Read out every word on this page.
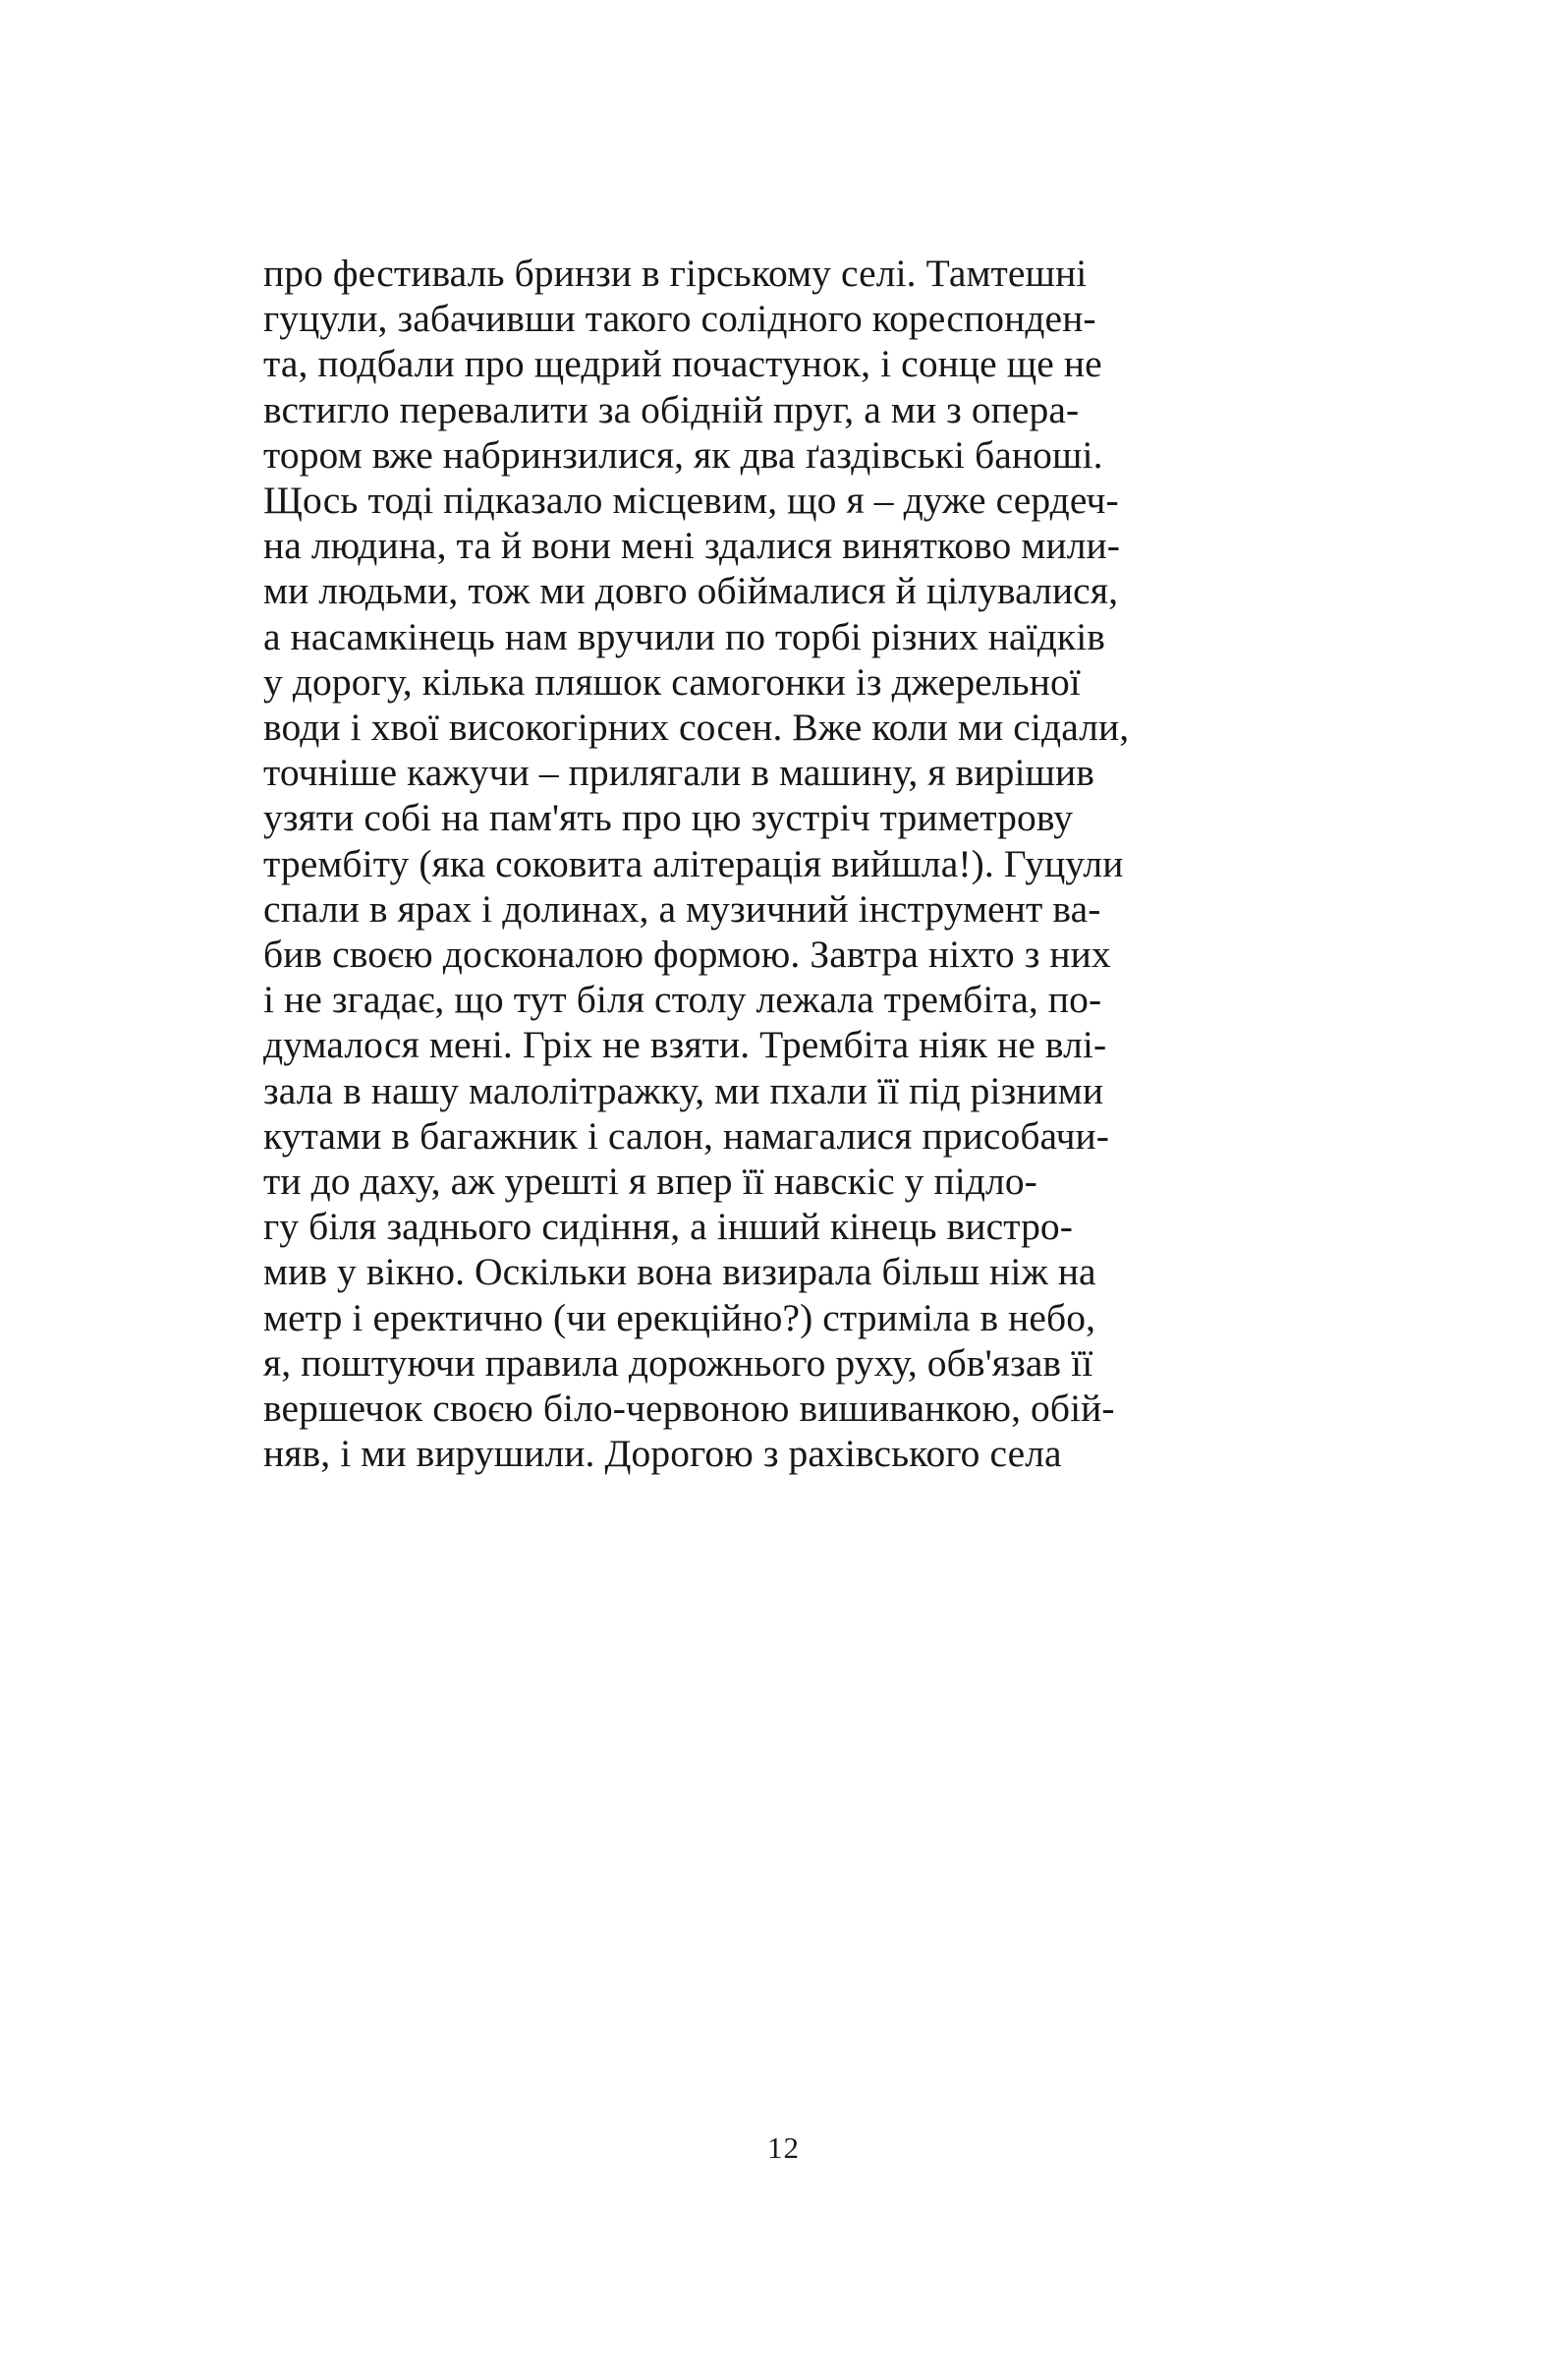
про фестиваль бринзи в гірському селі. Тамтешні
гуцули, забачивши такого солідного кореспонден-
та, подбали про щедрий почастунок, і сонце ще не
встигло перевалити за обідній пруг, а ми з опера-
тором вже набринзилися, як два ґаздівські баноші.
Щось тоді підказало місцевим, що я – дуже сердеч-
на людина, та й вони мені здалися винятково мили-
ми людьми, тож ми довго обіймалися й цілувалися,
а насамкінець нам вручили по торбі різних наїдків
у дорогу, кілька пляшок самогонки із джерельної
води і хвої високогірних сосен. Вже коли ми сідали,
точніше кажучи – прилягали в машину, я вирішив
узяти собі на пам'ять про цю зустріч триметрову
трембіту (яка соковита алітерація вийшла!). Гуцули
спали в ярах і долинах, а музичний інструмент ва-
бив своєю досконалою формою. Завтра ніхто з них
і не згадає, що тут біля столу лежала трембіта, по-
думалося мені. Гріх не взяти. Трембіта ніяк не влі-
зала в нашу малолітражку, ми пхали її під різними
кутами в багажник і салон, намагалися присобачи-
ти до даху, аж урешті я впер її навскіс у підло-
гу біля заднього сидіння, а інший кінець вистро-
мив у вікно. Оскільки вона визирала більш ніж на
метр і еректично (чи ерекційно?) стриміла в небо,
я, поштуючи правила дорожнього руху, обв'язав її
вершечок своєю біло-червоною вишиванкою, обій-
няв, і ми вирушили. Дорогою з рахівського села
12
